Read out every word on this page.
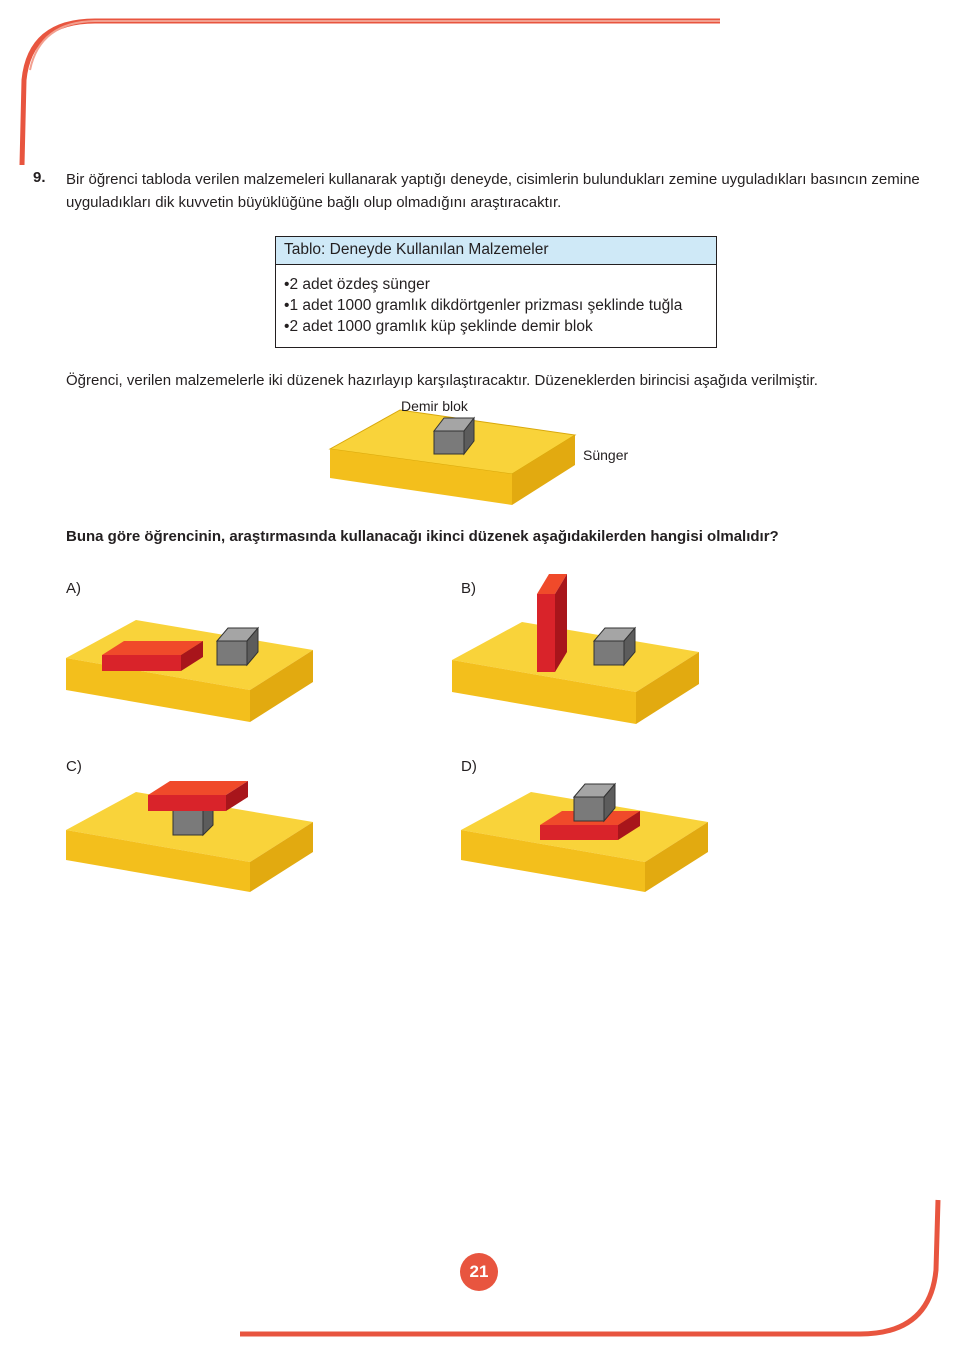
9. Bir öğrenci tabloda verilen malzemeleri kullanarak yaptığı deneyde, cisimlerin bulundukları zemine uyguladıkları basıncın zemine uyguladıkları dik kuvvetin büyüklüğüne bağlı olup olmadığını araştıracaktır.
Tablo: Deneyde Kullanılan Malzemeler
• 2 adet özdeş sünger
• 1 adet 1000 gramlık dikdörtgenler prizması şeklinde tuğla
• 2 adet 1000 gramlık küp şeklinde demir blok
Öğrenci, verilen malzemelerle iki düzenek hazırlayıp karşılaştıracaktır. Düzeneklerden birincisi aşağıda verilmiştir.
Demir blok
Sünger
Buna göre öğrencinin, araştırmasında kullanacağı ikinci düzenek aşağıdakilerden hangisi olmalıdır?
A)	B)
C)	D)
21
